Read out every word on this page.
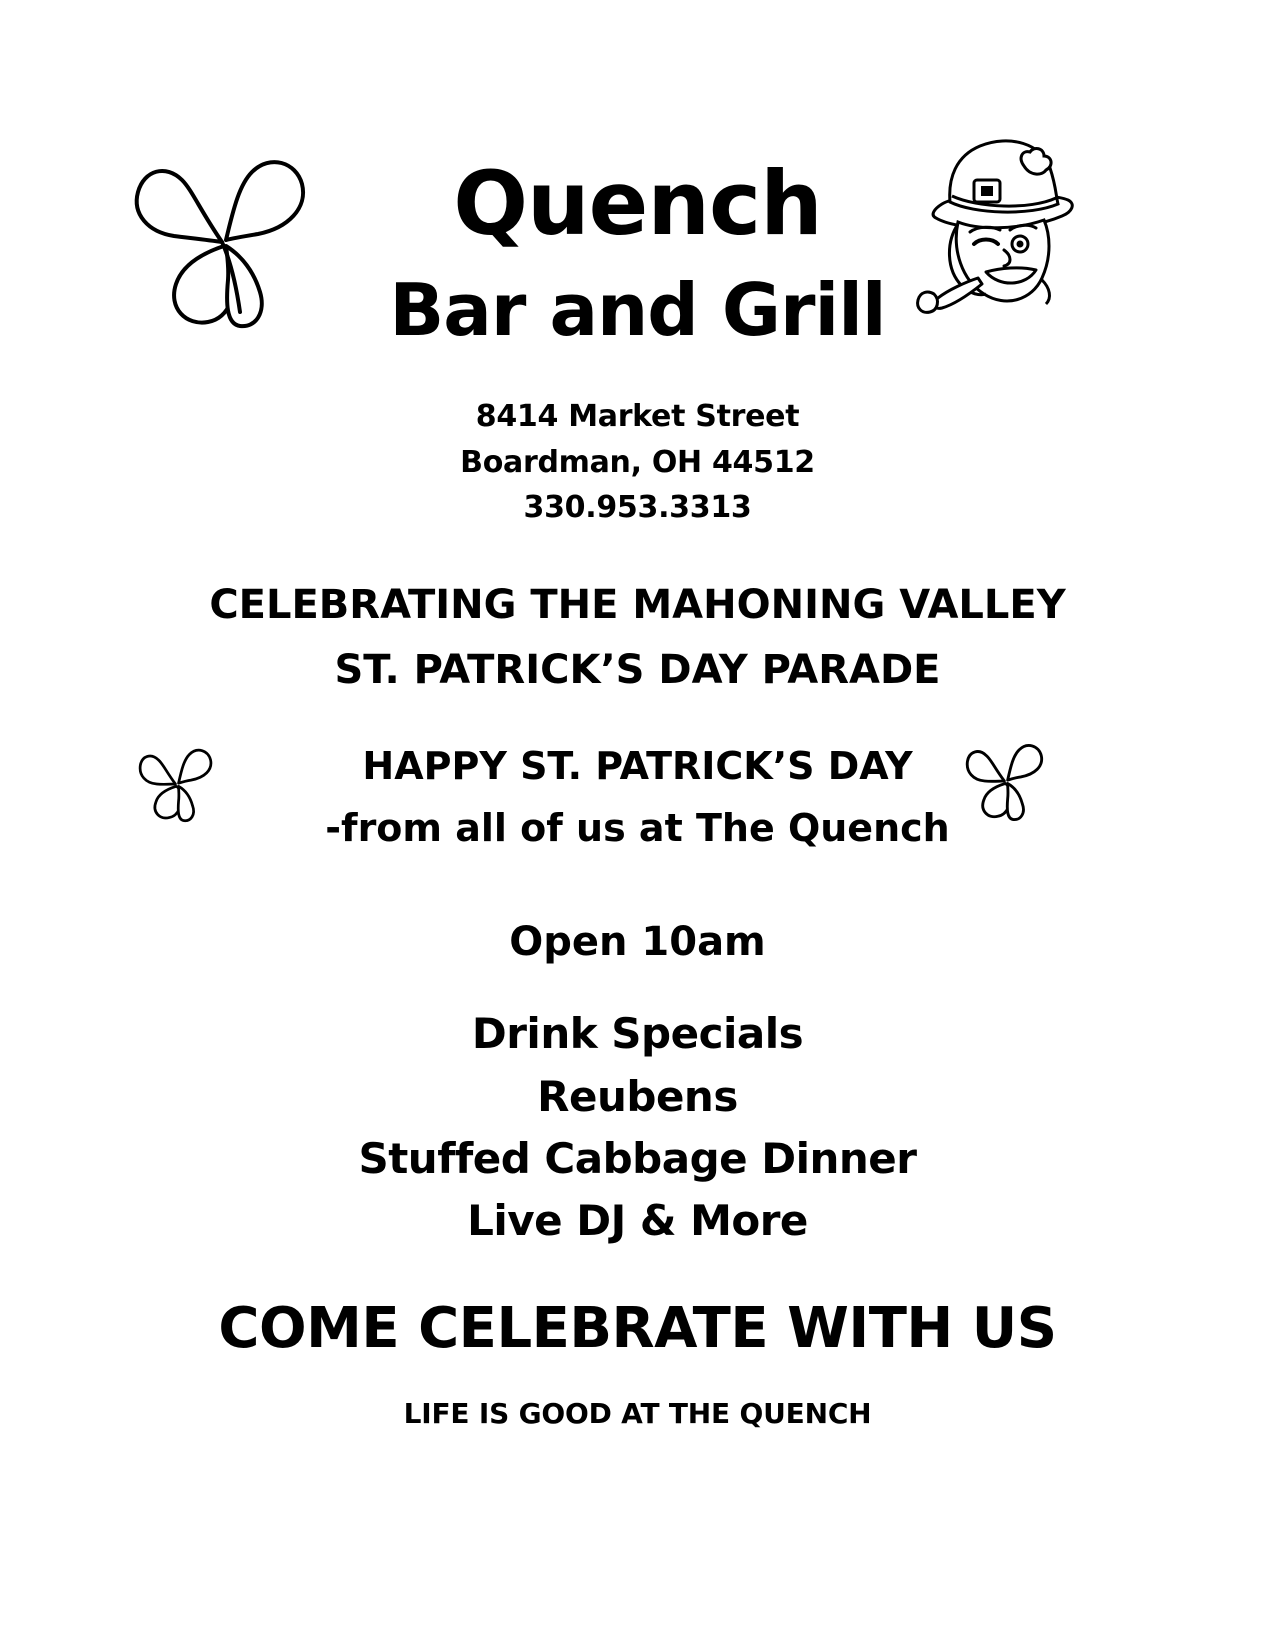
Quench
Bar and Grill
8414 Market Street
Boardman, OH 44512
330.953.3313
CELEBRATING THE MAHONING VALLEY
ST. PATRICK’S DAY PARADE
HAPPY ST. PATRICK’S DAY
-from all of us at The Quench
Open 10am
Drink Specials
Reubens
Stuffed Cabbage Dinner
Live DJ & More
COME CELEBRATE WITH US
LIFE IS GOOD AT THE QUENCH
